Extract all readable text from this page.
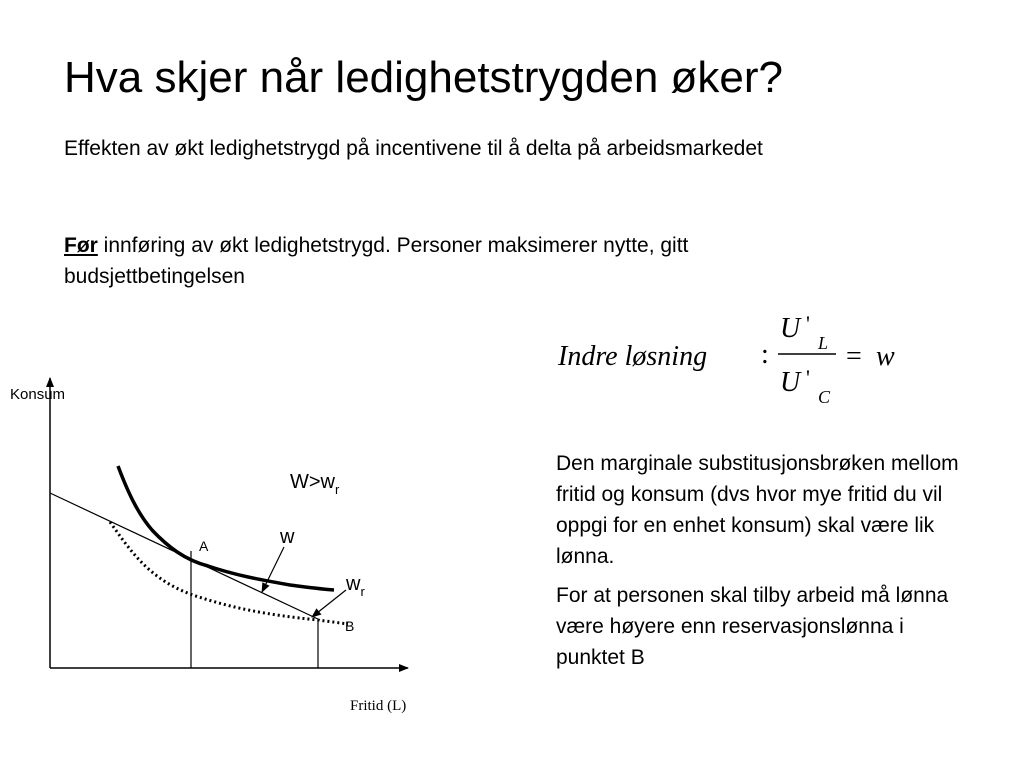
Hva skjer når ledighetstrygden øker?
Effekten av økt ledighetstrygd på incentivene til å delta på arbeidsmarkedet
Før innføring av økt ledighetstrygd. Personer maksimerer nytte, gitt budsjettbetingelsen

Den marginale substitusjonsbrøken mellom fritid og konsum (dvs hvor mye fritid du vil oppgi for en enhet konsum) skal være lik lønna.

For at personen skal tilby arbeid må lønna være høyere enn reservasjonslønna i punktet B

Indre løsning :
U '
L
U '
C
= w
Konsum
Fritid (L)
$W>w_r$
w
$w_r$
A
B
